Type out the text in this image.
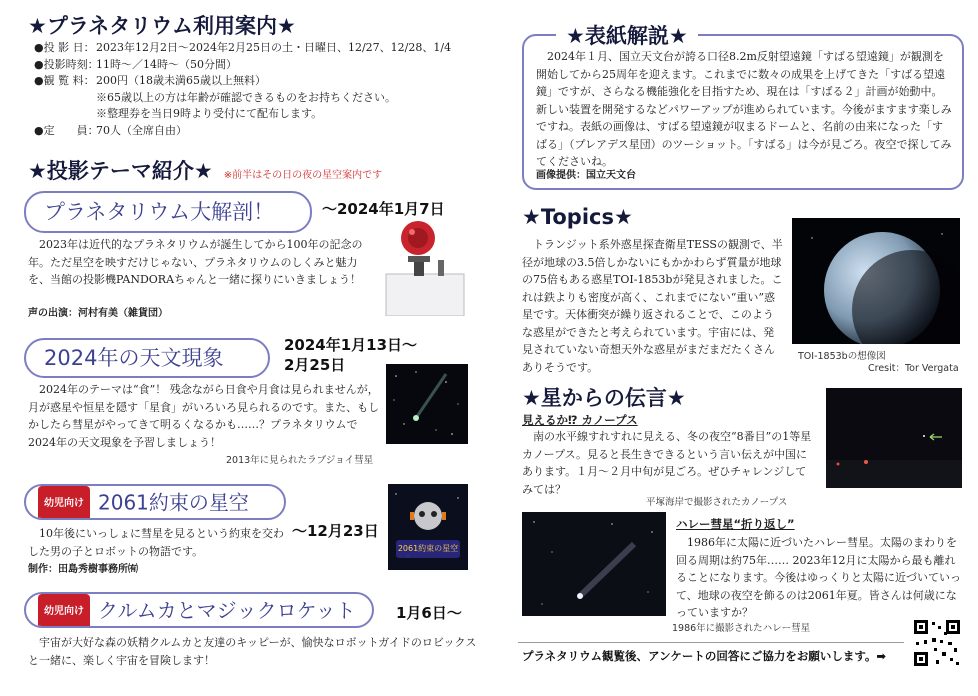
★プラネタリウム利用案内★
●投 影 日： 2023年12月2日〜2024年2月25日の土・日曜日、12/27、12/28、1/4
●投影時刻：
11時〜／14時〜（50分間）
●観 覧 料： 200円（18歳未満65歳以上無料）
※65歳以上の方は年齢が確認できるものをお持ちください。
※整理券を当日9時より受付にて配布します。
●定　　員：
70人（全席自由）
★投影テーマ紹介★ ※前半はその日の夜の星空案内です
プラネタリウム大解剖！	〜2024年1月7日
2023年は近代的なプラネタリウムが誕生してから100年の記念の年。ただ星空を映すだけじゃない、プラネタリウムのしくみと魅力を、当館の投影機PANDORAちゃんと一緒に探りにいきましょう！
声の出演：河村有美（雑貨団）
2024年の天文現象
2024年1月13日〜
2月25日
2024年のテーマは“食”！ 残念ながら日食や月食は見られませんが，月が惑星や恒星を隠す「星食」がいろいろ見られるのです。また、もしかしたら彗星がやってきて明るくなるかも……？プラネタリウムで2024年の天文現象を予習しましょう！
2013年に見られたラブジョイ彗星
幼児向け 2061約束の星空
〜12月23日
10年後にいっしょに彗星を見るという約束を交わした男の子とロボットの物語です。
制作：田島秀樹事務所㈲
2061約束の星空
幼児向け クルムカとマジックロケット	1月6日〜
宇宙が大好な森の妖精クルムカと友達のキッピーが、愉快なロボットガイドのロビックスと一緒に、楽しく宇宙を冒険します！
★表紙解説★
2024年１月、国立天文台が誇る口径8.2m反射望遠鏡「すばる望遠鏡」が観測を開始してから25周年を迎えます。これまでに数々の成果を上げてきた「すばる望遠鏡」ですが、さらなる機能強化を目指すため、現在は「すばる２」計画が始動中。新しい装置を開発するなどパワーアップが進められています。今後がますます楽しみですね。表紙の画像は、すばる望遠鏡が収まるドームと、名前の由来になった「すばる」（プレアデス星団）のツーショット。「すばる」は今が見ごろ。夜空で探してみてくださいね。
画像提供：国立天文台
★Topics★
トランジット系外惑星探査衛星TESSの観測で、半径が地球の3.5倍しかないにもかかわらず質量が地球の75倍もある惑星TOI-1853bが発見されました。これは鉄よりも密度が高く、これまでにない“重い”惑星です。天体衝突が繰り返されることで、このような惑星ができたと考えられています。宇宙には、発見されていない奇想天外な惑星がまだまだたくさんありそうです。
TOI-1853bの想像図
Cresit：Tor Vergata
★星からの伝言★
見えるか⁉ カノープス
南の水平線すれすれに見える、冬の夜空“8番目”の1等星カノープス。見ると長生きできるという言い伝えが中国にあります。１月〜２月中旬が見ごろ。ぜひチャレンジしてみては？
平塚海岸で撮影されたカノープス
1986年に撮影されたハレー彗星
ハレー彗星“折り返し”
1986年に太陽に近づいたハレー彗星。太陽のまわりを回る周期は約75年…… 2023年12月に太陽から最も離れることになります。今後はゆっくりと太陽に近づいていって、地球の夜空を飾るのは2061年夏。皆さんは何歳になっていますか？
プラネタリウム観覧後、アンケートの回答にご協力をお願いします。➡
